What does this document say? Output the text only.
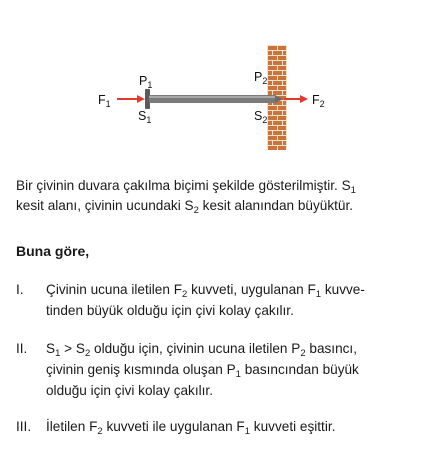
$F_1$
$P_1$
$S_1$
$P_2$
$S_2$
$F_2$
Bir çivinin duvara çakılma biçimi şekilde gösterilmiştir. $S_1$
kesit alanı, çivinin ucundaki $S_2$ kesit alanından büyüktür.
Buna göre,
I. Çivinin ucuna iletilen $F_2$ kuvveti, uygulanan $F_1$ kuvve-
tinden büyük olduğu için çivi kolay çakılır.
II. $S_1 > S_2$ olduğu için, çivinin ucuna iletilen $P_2$ basıncı,
çivinin geniş kısmında oluşan $P_1$ basıncından büyük
olduğu için çivi kolay çakılır.
III. İletilen $F_2$ kuvveti ile uygulanan $F_1$ kuvveti eşittir.
